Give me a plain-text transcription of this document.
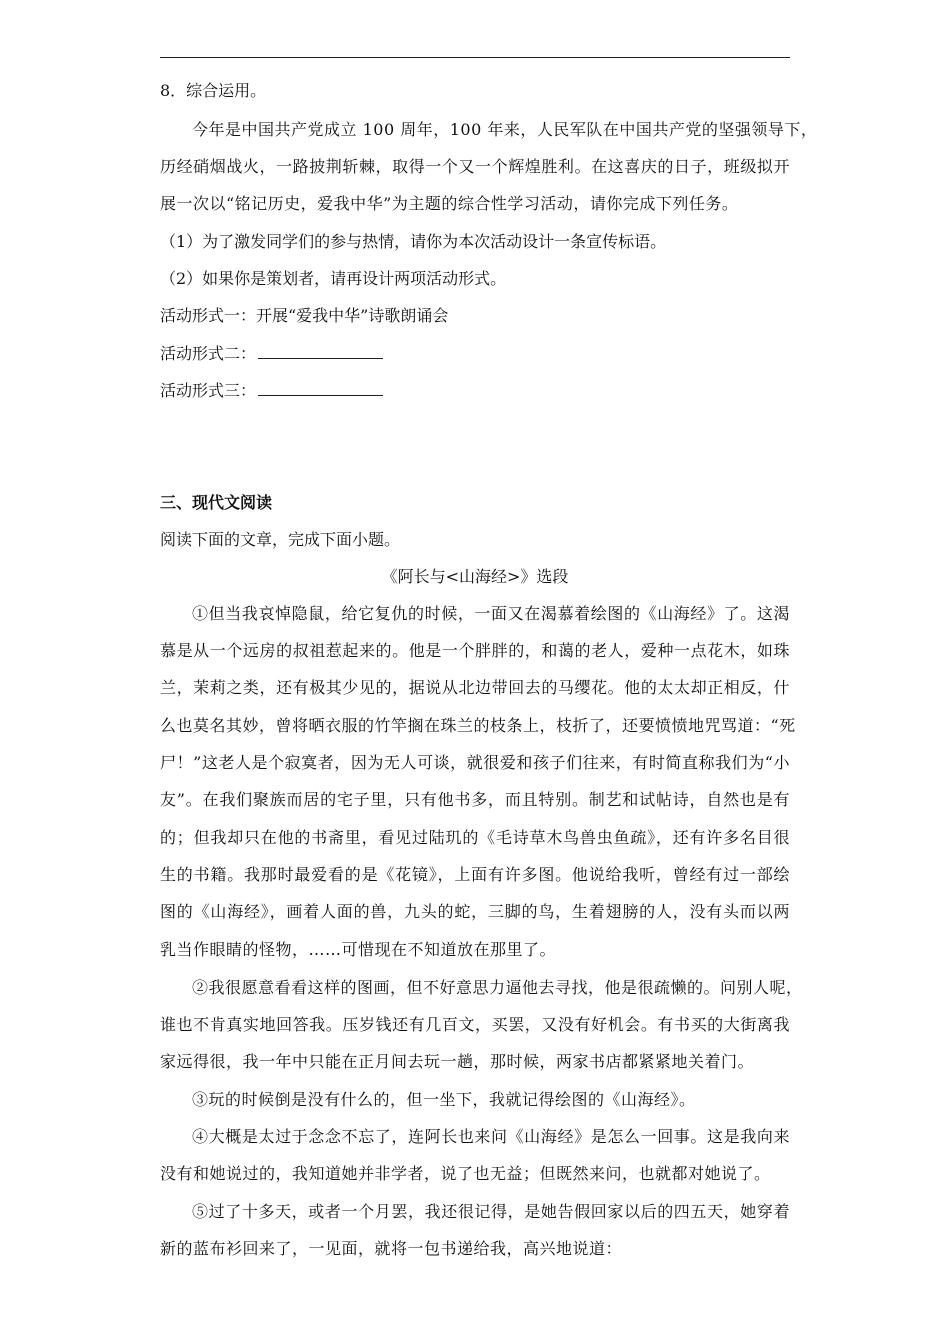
8．综合运用。
今年是中国共产党成立 100 周年，100 年来，人民军队在中国共产党的坚强领导下，
历经硝烟战火，一路披荆斩棘，取得一个又一个辉煌胜利。在这喜庆的日子，班级拟开
展一次以“铭记历史，爱我中华”为主题的综合性学习活动，请你完成下列任务。
（1）为了激发同学们的参与热情，请你为本次活动设计一条宣传标语。
（2）如果你是策划者，请再设计两项活动形式。
活动形式一：开展“爱我中华”诗歌朗诵会
活动形式二：
活动形式三：
三、现代文阅读
阅读下面的文章，完成下面小题。
《阿长与<山海经>》选段
①但当我哀悼隐鼠，给它复仇的时候，一面又在渴慕着绘图的《山海经》了。这渴
慕是从一个远房的叔祖惹起来的。他是一个胖胖的，和蔼的老人，爱种一点花木，如珠
兰，茉莉之类，还有极其少见的，据说从北边带回去的马缨花。他的太太却正相反，什
么也莫名其妙，曾将晒衣服的竹竿搁在珠兰的枝条上，枝折了，还要愤愤地咒骂道：“死
尸！”这老人是个寂寞者，因为无人可谈，就很爱和孩子们往来，有时简直称我们为“小
友”。在我们聚族而居的宅子里，只有他书多，而且特别。制艺和试帖诗，自然也是有
的；但我却只在他的书斋里，看见过陆玑的《毛诗草木鸟兽虫鱼疏》，还有许多名目很
生的书籍。我那时最爱看的是《花镜》，上面有许多图。他说给我听，曾经有过一部绘
图的《山海经》，画着人面的兽，九头的蛇，三脚的鸟，生着翅膀的人，没有头而以两
乳当作眼睛的怪物，……可惜现在不知道放在那里了。
②我很愿意看看这样的图画，但不好意思力逼他去寻找，他是很疏懒的。问别人呢，
谁也不肯真实地回答我。压岁钱还有几百文，买罢，又没有好机会。有书买的大街离我
家远得很，我一年中只能在正月间去玩一趟，那时候，两家书店都紧紧地关着门。
③玩的时候倒是没有什么的，但一坐下，我就记得绘图的《山海经》。
④大概是太过于念念不忘了，连阿长也来问《山海经》是怎么一回事。这是我向来
没有和她说过的，我知道她并非学者，说了也无益；但既然来问，也就都对她说了。
⑤过了十多天，或者一个月罢，我还很记得，是她告假回家以后的四五天，她穿着
新的蓝布衫回来了，一见面，就将一包书递给我，高兴地说道：
